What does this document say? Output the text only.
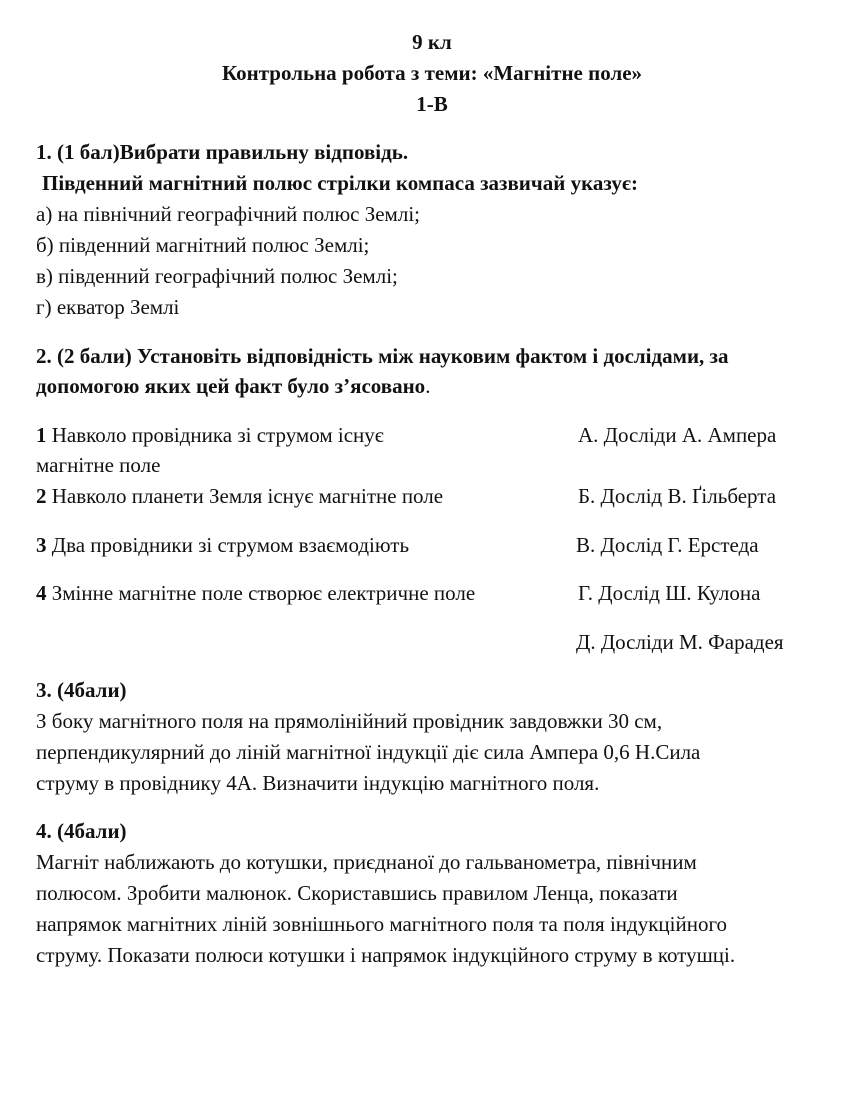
9 кл
Контрольна робота з теми: «Магнітне поле»
1-В
1. (1 бал)Вибрати правильну відповідь.
Південний магнітний полюс стрілки компаса зазвичай указує:
а) на північний географічний полюс Землі;
б) південний магнітний полюс Землі;
в) південний географічний полюс Землі;
г) екватор Землі
2. (2 бали) Установіть відповідність між науковим фактом і дослідами, за
допомогою яких цей факт було з’ясовано.
1 Навколо провідника зі струмом існує
магнітне поле
2 Навколо планети Земля існує магнітне поле
3 Два провідники зі струмом взаємодіють
4 Змінне магнітне поле створює електричне поле
А. Досліди А. Ампера
Б. Дослід В. Ґільберта
В. Дослід Г. Ерстеда
Г. Дослід Ш. Кулона
Д. Досліди М. Фарадея
3. (4бали)
З боку магнітного поля на прямолінійний провідник завдовжки 30 см,
перпендикулярний до ліній магнітної індукції діє сила Ампера 0,6 Н.Сила
струму в провіднику 4А. Визначити індукцію магнітного поля.
4. (4бали)
Магніт наближають до котушки, приєднаної до гальванометра, північним
полюсом. Зробити малюнок. Скориставшись правилом Ленца, показати
напрямок магнітних ліній зовнішнього магнітного поля та поля індукційного
струму. Показати полюси котушки і напрямок індукційного струму в котушці.
